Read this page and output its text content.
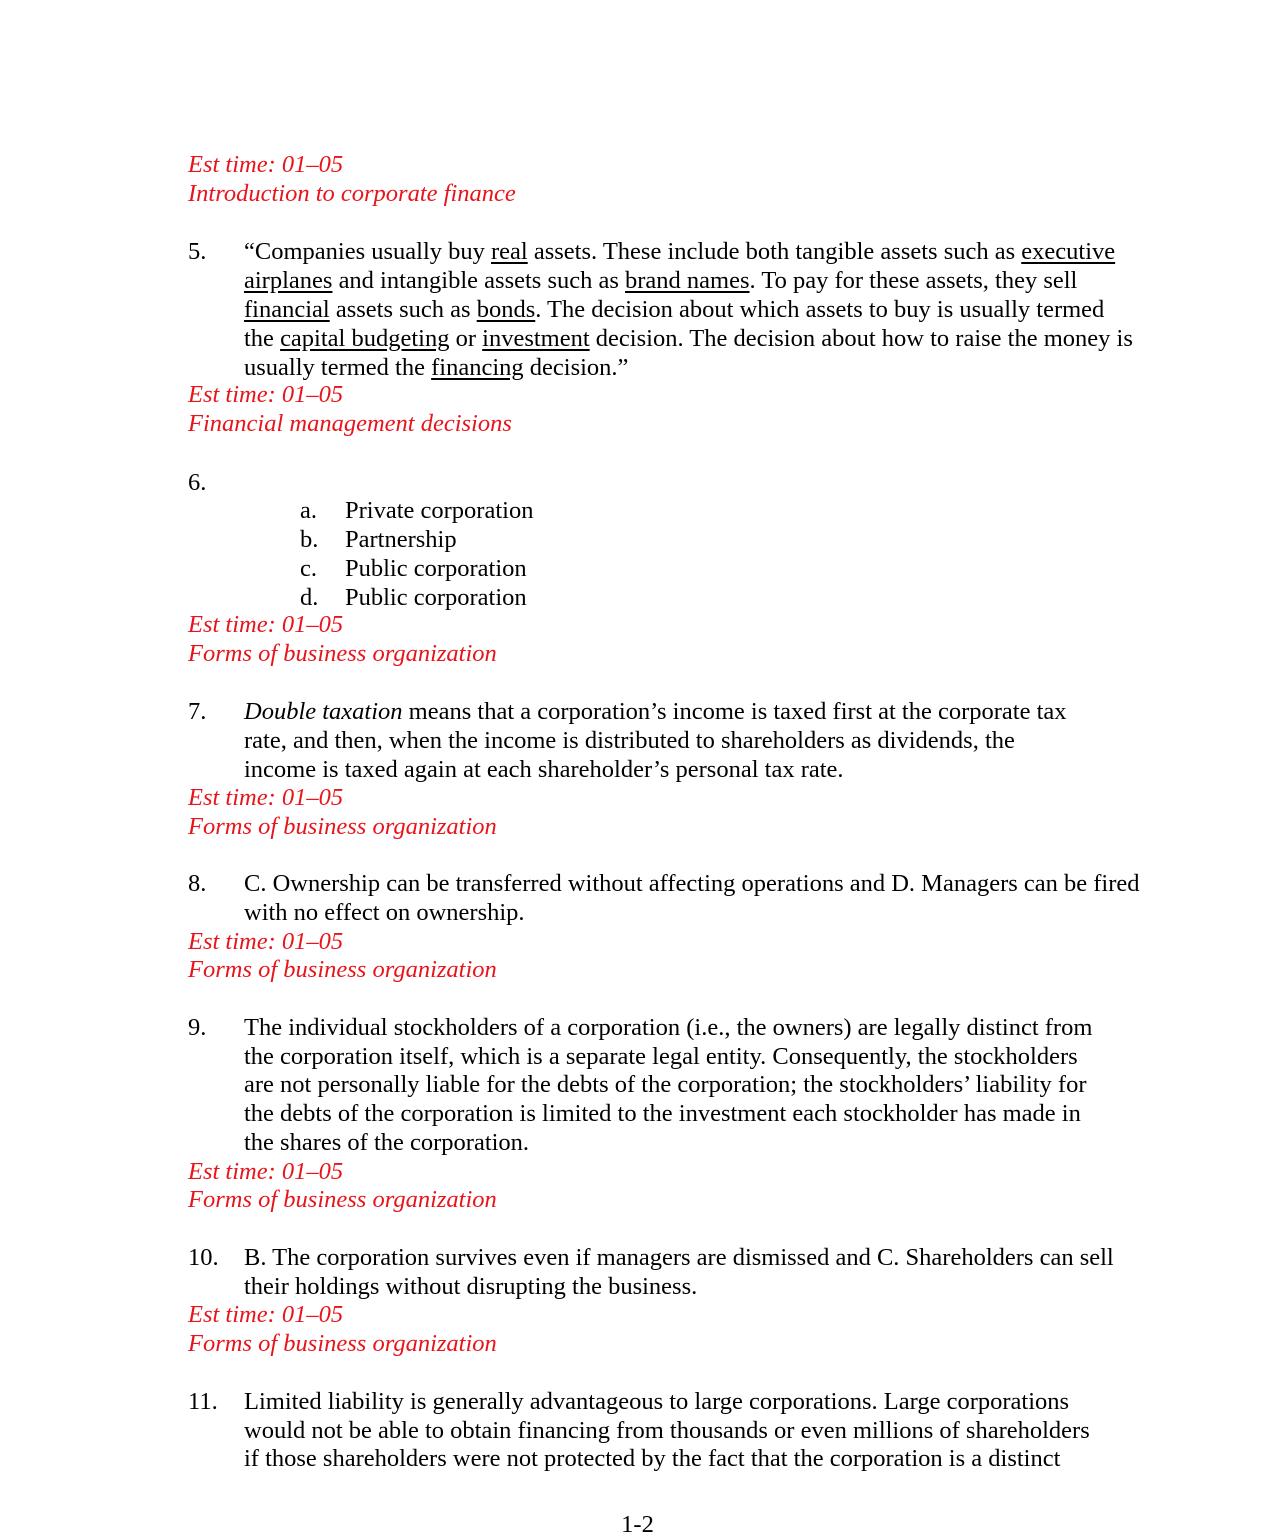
Est time: 01–05
Introduction to corporate finance
5. “Companies usually buy real assets. These include both tangible assets such as executive
airplanes and intangible assets such as brand names. To pay for these assets, they sell
financial assets such as bonds. The decision about which assets to buy is usually termed
the capital budgeting or investment decision. The decision about how to raise the money is
usually termed the financing decision.”
Est time: 01–05
Financial management decisions
6.
a. Private corporation
b. Partnership
c. Public corporation
d. Public corporation
Est time: 01–05
Forms of business organization
7. Double taxation means that a corporation’s income is taxed first at the corporate tax
rate, and then, when the income is distributed to shareholders as dividends, the
income is taxed again at each shareholder’s personal tax rate.
Est time: 01–05
Forms of business organization
8. C. Ownership can be transferred without affecting operations and D. Managers can be fired
with no effect on ownership.
Est time: 01–05
Forms of business organization
9. The individual stockholders of a corporation (i.e., the owners) are legally distinct from
the corporation itself, which is a separate legal entity. Consequently, the stockholders
are not personally liable for the debts of the corporation; the stockholders’ liability for
the debts of the corporation is limited to the investment each stockholder has made in
the shares of the corporation.
Est time: 01–05
Forms of business organization
10. B. The corporation survives even if managers are dismissed and C. Shareholders can sell
their holdings without disrupting the business.
Est time: 01–05
Forms of business organization
11. Limited liability is generally advantageous to large corporations. Large corporations
would not be able to obtain financing from thousands or even millions of shareholders
if those shareholders were not protected by the fact that the corporation is a distinct
1-2
